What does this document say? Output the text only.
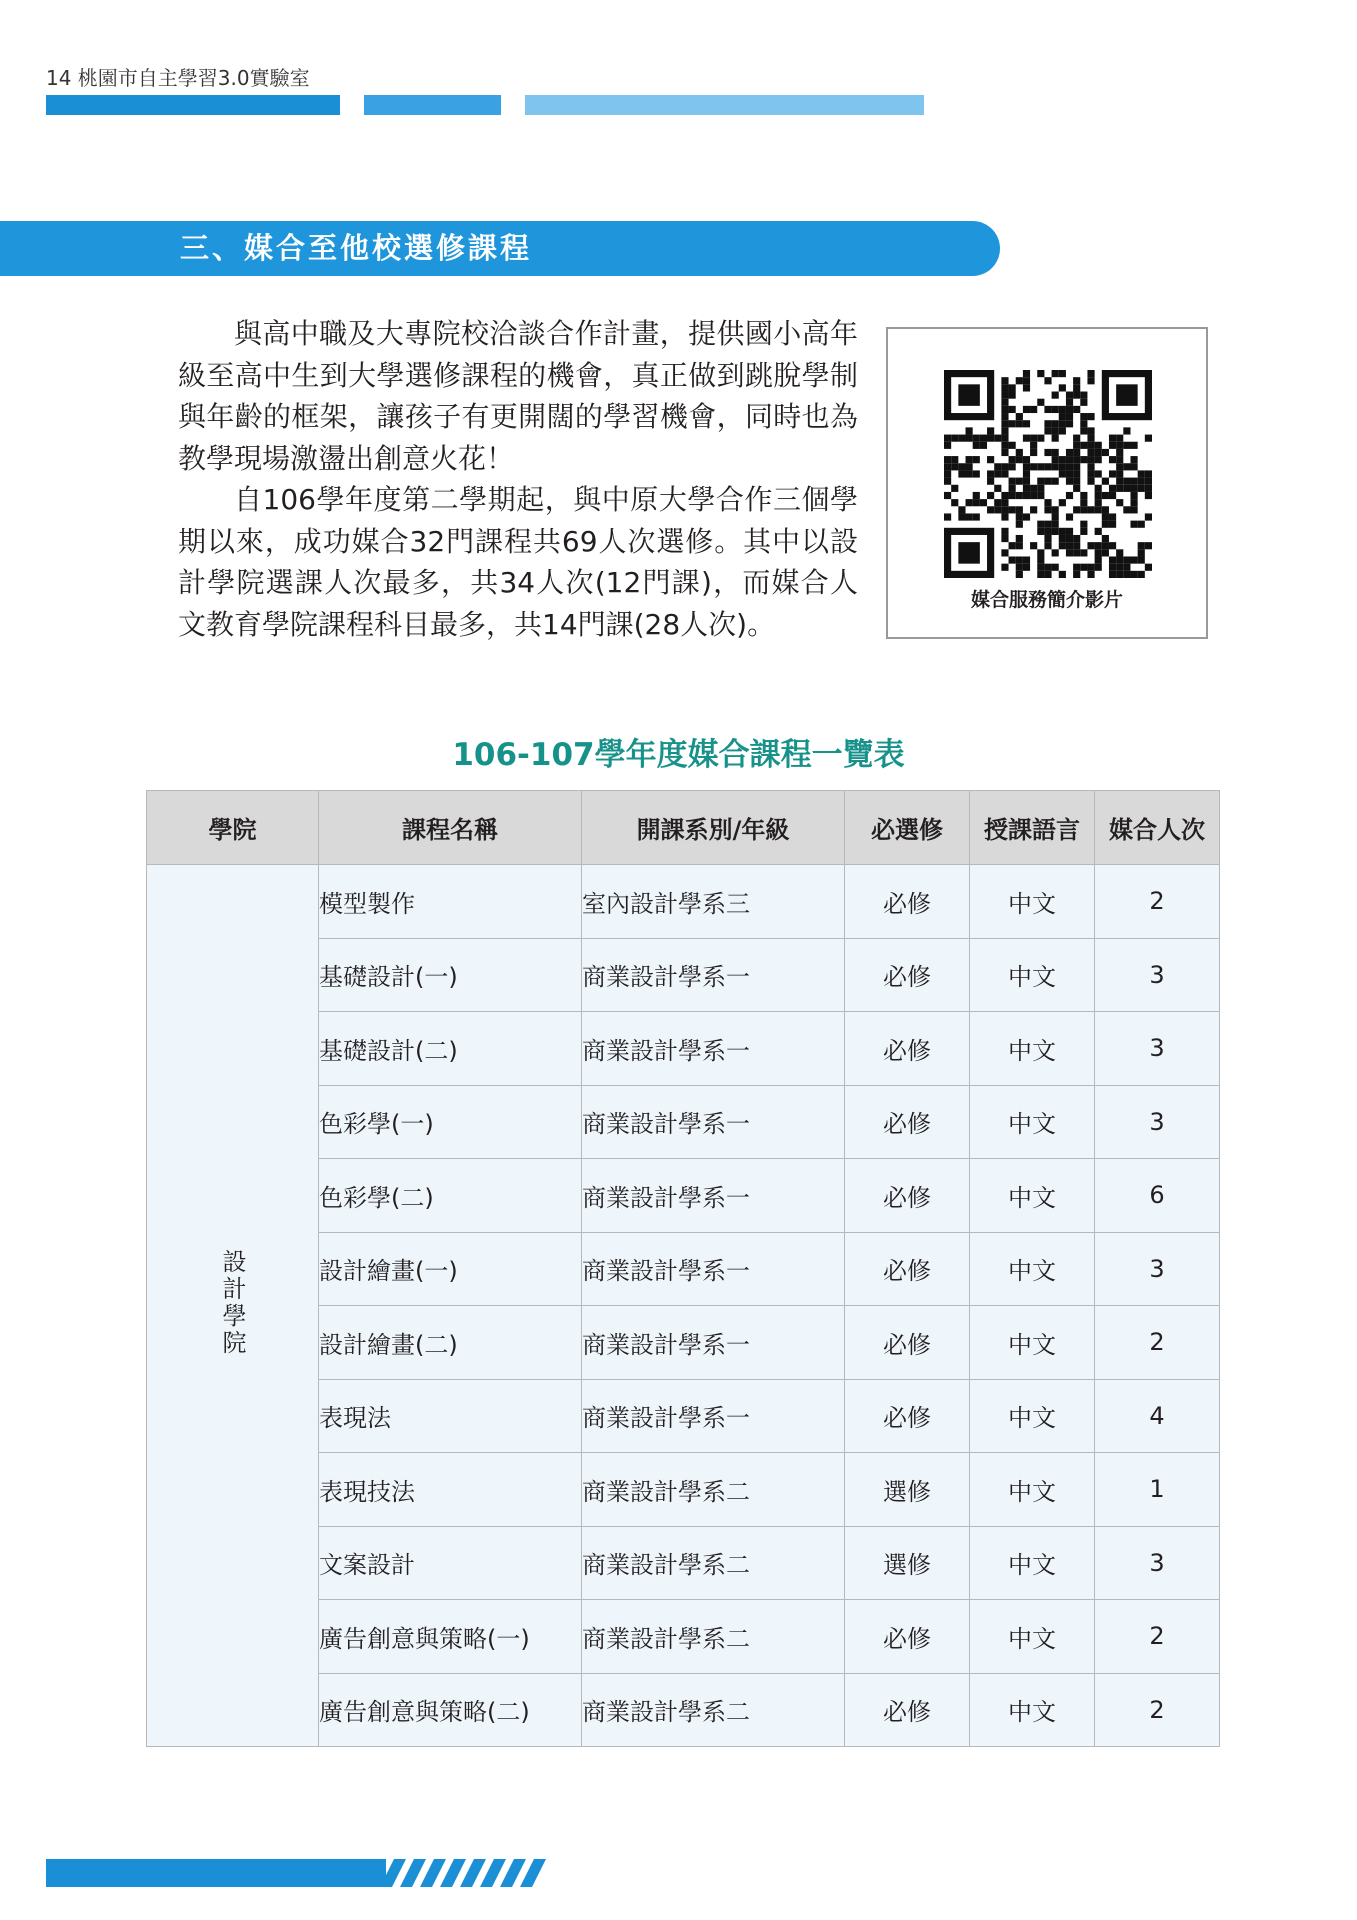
14 桃園市自主學習3.0實驗室
三、媒合至他校選修課程

與高中職及大專院校洽談合作計畫，提供國小高年級至高中生到大學選修課程的機會，真正做到跳脫學制與年齡的框架，讓孩子有更開闊的學習機會，同時也為教學現場激盪出創意火花！

自106學年度第二學期起，與中原大學合作三個學期以來，成功媒合32門課程共69人次選修。其中以設計學院選課人次最多，共34人次(12門課)，而媒合人文教育學院課程科目最多，共14門課(28人次)。

媒合服務簡介影片
106-107學年度媒合課程一覽表
學院	課程名稱	開課系別/年級	必選修	授課語言	媒合人次
設計學院	模型製作	室內設計學系三	必修	中文	2
	基礎設計(一)	商業設計學系一	必修	中文	3
	基礎設計(二)	商業設計學系一	必修	中文	3
	色彩學(一)	商業設計學系一	必修	中文	3
	色彩學(二)	商業設計學系一	必修	中文	6
	設計繪畫(一)	商業設計學系一	必修	中文	3
	設計繪畫(二)	商業設計學系一	必修	中文	2
	表現法	商業設計學系一	必修	中文	4
	表現技法	商業設計學系二	選修	中文	1
	文案設計	商業設計學系二	選修	中文	3
	廣告創意與策略(一)	商業設計學系二	必修	中文	2
	廣告創意與策略(二)	商業設計學系二	必修	中文	2
